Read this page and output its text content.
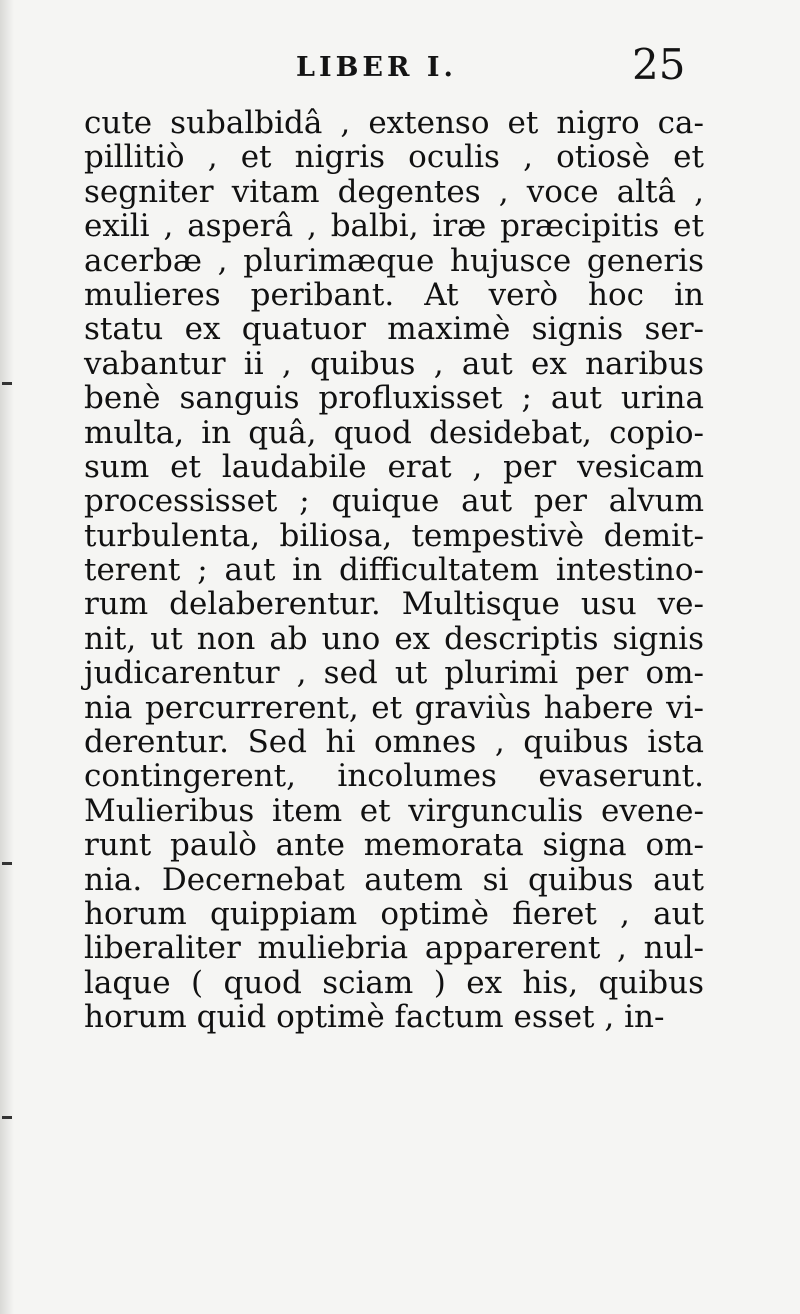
LIBER I.	25
cute subalbidâ , extenso et nigro ca-
pillitiò , et nigris oculis , otiosè et
segniter vitam degentes , voce altâ ,
exili , asperâ , balbi, iræ præcipitis et
acerbæ , plurimæque hujusce generis
mulieres peribant. At verò hoc in
statu ex quatuor maximè signis ser-
vabantur ii , quibus , aut ex naribus
benè sanguis profluxisset ; aut urina
multa, in quâ, quod desidebat, copio-
sum et laudabile erat , per vesicam
processisset ; quique aut per alvum
turbulenta, biliosa, tempestivè demit-
terent ; aut in difficultatem intestino-
rum delaberentur. Multisque usu ve-
nit, ut non ab uno ex descriptis signis
judicarentur , sed ut plurimi per om-
nia percurrerent, et graviùs habere vi-
derentur. Sed hi omnes , quibus ista
contingerent, incolumes evaserunt.
Mulieribus item et virgunculis evene-
runt paulò ante memorata signa om-
nia. Decernebat autem si quibus aut
horum quippiam optimè fieret , aut
liberaliter muliebria apparerent , nul-
laque ( quod sciam ) ex his, quibus
horum quid optimè factum esset , in-
